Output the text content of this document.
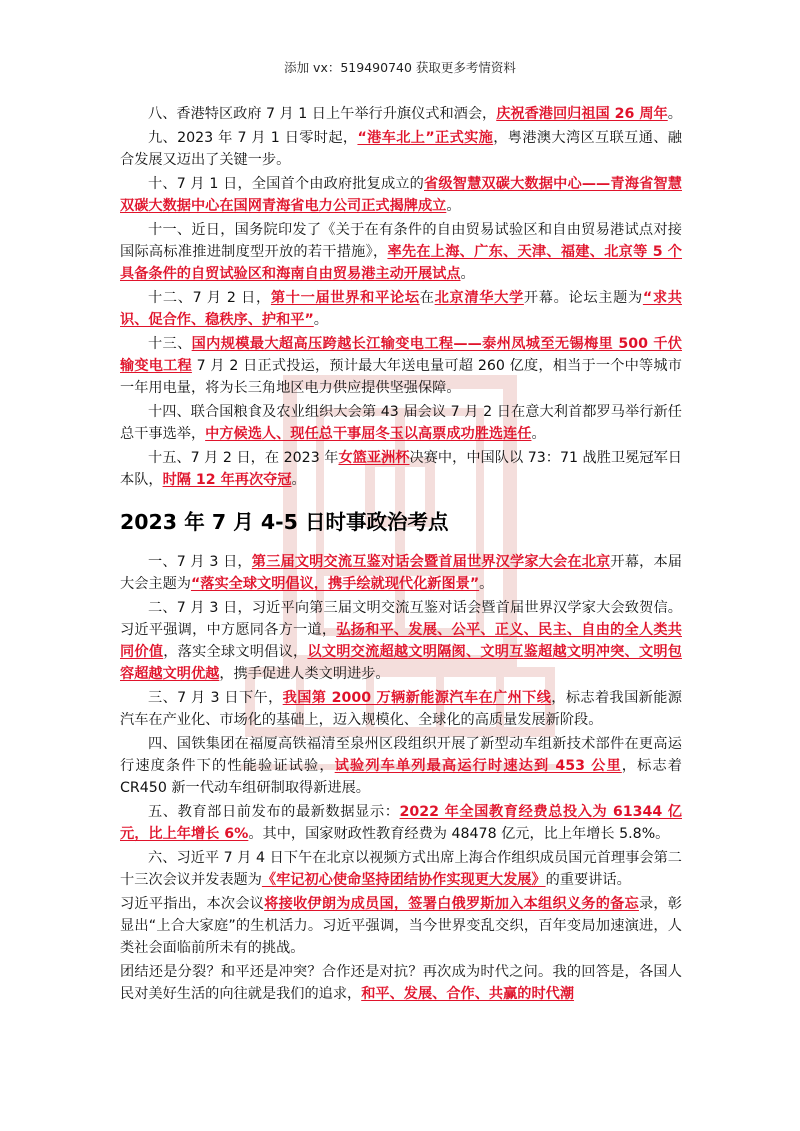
添加 vx：519490740 获取更多考情资料

八、香港特区政府 7 月 1 日上午举行升旗仪式和酒会，庆祝香港回归祖国 26 周年。

九、2023 年 7 月 1 日零时起，“港车北上”正式实施，粤港澳大湾区互联互通、融合发展又迈出了关键一步。

十、7 月 1 日，全国首个由政府批复成立的省级智慧双碳大数据中心——青海省智慧双碳大数据中心在国网青海省电力公司正式揭牌成立。

十一、近日，国务院印发了《关于在有条件的自由贸易试验区和自由贸易港试点对接国际高标准推进制度型开放的若干措施》，率先在上海、广东、天津、福建、北京等 5 个具备条件的自贸试验区和海南自由贸易港主动开展试点。

十二、7 月 2 日，第十一届世界和平论坛在北京清华大学开幕。论坛主题为“求共识、促合作、稳秩序、护和平”。

十三、国内规模最大超高压跨越长江输变电工程——泰州凤城至无锡梅里 500 千伏输变电工程 7 月 2 日正式投运，预计最大年送电量可超 260 亿度，相当于一个中等城市一年用电量，将为长三角地区电力供应提供坚强保障。

十四、联合国粮食及农业组织大会第 43 届会议 7 月 2 日在意大利首都罗马举行新任总干事选举，中方候选人、现任总干事屈冬玉以高票成功胜选连任。

十五、7 月 2 日，在 2023 年女篮亚洲杯决赛中，中国队以 73：71 战胜卫冕冠军日本队，时隔 12 年再次夺冠。

2023 年 7 月 4-5 日时事政治考点

一、7 月 3 日，第三届文明交流互鉴对话会暨首届世界汉学家大会在北京开幕，本届大会主题为“落实全球文明倡议，携手绘就现代化新图景”。

二、7 月 3 日，习近平向第三届文明交流互鉴对话会暨首届世界汉学家大会致贺信。习近平强调，中方愿同各方一道，弘扬和平、发展、公平、正义、民主、自由的全人类共同价值，落实全球文明倡议，以文明交流超越文明隔阂、文明互鉴超越文明冲突、文明包容超越文明优越，携手促进人类文明进步。

三、7 月 3 日下午，我国第 2000 万辆新能源汽车在广州下线，标志着我国新能源汽车在产业化、市场化的基础上，迈入规模化、全球化的高质量发展新阶段。

四、国铁集团在福厦高铁福清至泉州区段组织开展了新型动车组新技术部件在更高运行速度条件下的性能验证试验，试验列车单列最高运行时速达到 453 公里，标志着 CR450 新一代动车组研制取得新进展。

五、教育部日前发布的最新数据显示：2022 年全国教育经费总投入为 61344 亿元，比上年增长 6%。其中，国家财政性教育经费为 48478 亿元，比上年增长 5.8%。

六、习近平 7 月 4 日下午在北京以视频方式出席上海合作组织成员国元首理事会第二十三次会议并发表题为《牢记初心使命坚持团结协作实现更大发展》的重要讲话。

习近平指出，本次会议将接收伊朗为成员国，签署白俄罗斯加入本组织义务的备忘录，彰显出“上合大家庭”的生机活力。习近平强调，当今世界变乱交织，百年变局加速演进，人类社会面临前所未有的挑战。

团结还是分裂？和平还是冲突？合作还是对抗？再次成为时代之问。我的回答是，各国人民对美好生活的向往就是我们的追求，和平、发展、合作、共赢的时代潮
